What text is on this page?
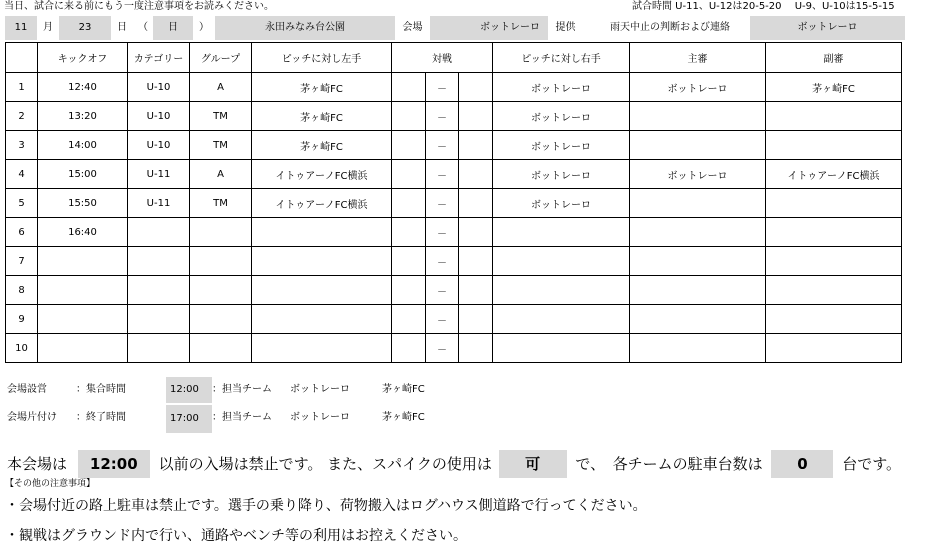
当日、試合に来る前にもう一度注意事項をお読みください。	試合時間 U-11、U-12は20-5-20　 U-9、U-10は15-5-15
11	月	23	日	（	日	）	永田みなみ台公園	会場	ボットレーロ	提供	雨天中止の判断および連絡	ボットレーロ
	キックオフ	カテゴリー	グループ	ピッチに対し左手	対戦			ピッチに対し右手	主審	副審
1	12:40	U-10	A	茅ヶ崎FC		－		ボットレーロ	ボットレーロ	茅ヶ崎FC
2	13:20	U-10	TM	茅ヶ崎FC		－		ボットレーロ		
3	14:00	U-10	TM	茅ヶ崎FC		－		ボットレーロ		
4	15:00	U-11	A	イトゥアーノFC横浜		－		ボットレーロ	ボットレーロ	イトゥアーノFC横浜
5	15:50	U-11	TM	イトゥアーノFC横浜		－		ボットレーロ		
6	16:40					－				
7						－				
8						－				
9						－				
10						－				
会場設営	：集合時間	12:00	：担当チーム ボットレーロ	茅ヶ崎FC
会場片付け ：終了時間	17:00	：担当チーム ボットレーロ	茅ヶ崎FC
本会場は 12:00 以前の入場は禁止です。 また、スパイクの使用は 可 で、　各チームの駐車台数は 0 台です。
【その他の注意事項】
・会場付近の路上駐車は禁止です。選手の乗り降り、荷物搬入はログハウス側道路で行ってください。
・観戦はグラウンド内で行い、通路やベンチ等の利用はお控えください。
